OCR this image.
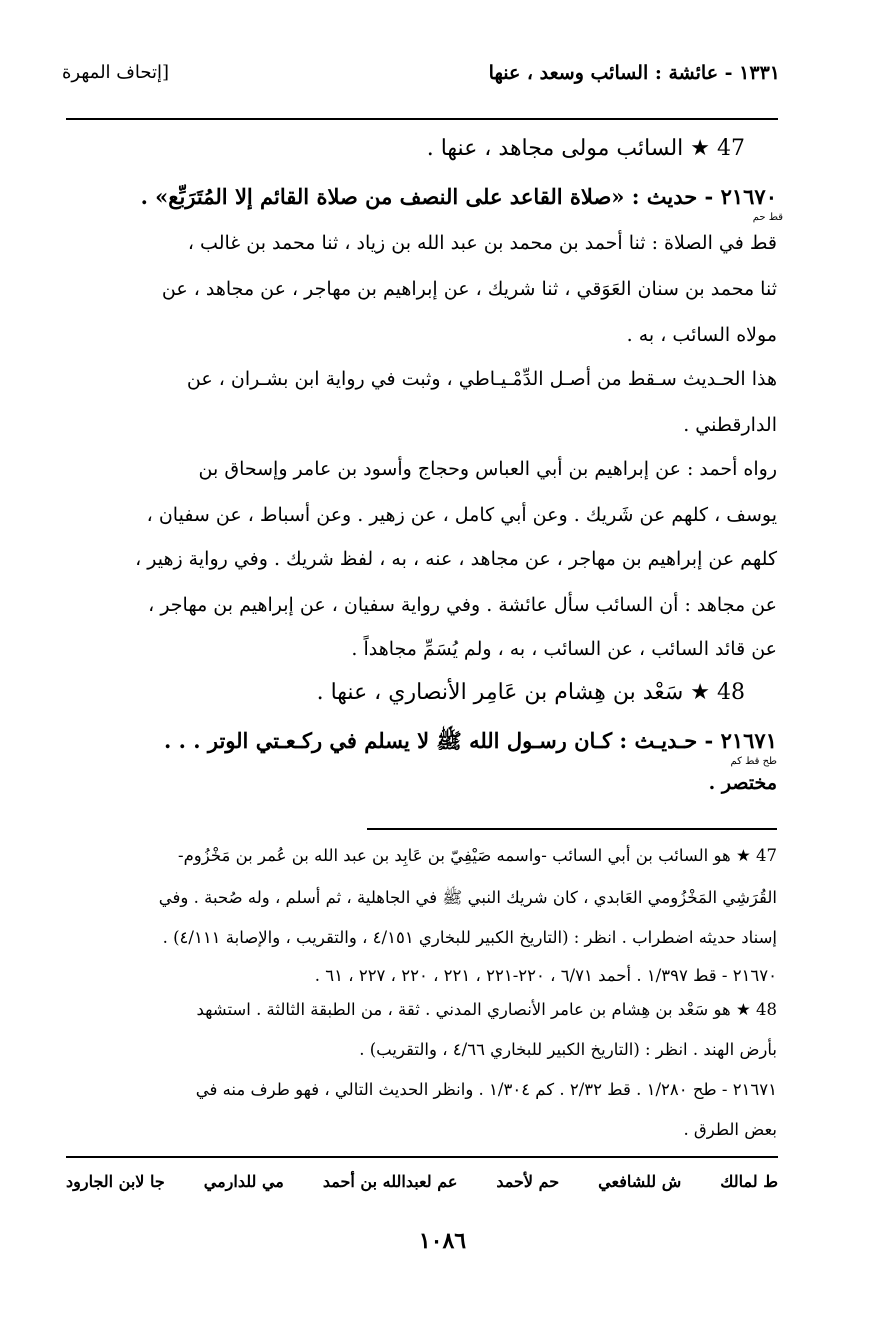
١٣٣١ - عائشة : السائب وسعد ، عنها
[إتحاف المهرة
47 ★ السائب مولى مجاهد ، عنها .
٢١٦٧٠ - حديث : «صلاة القاعد على النصف من صلاة القائم إلا المُتَرَبِّع» .
قط حم
قط في الصلاة : ثنا أحمد بن محمد بن عبد الله بن زياد ، ثنا محمد بن غالب ،
ثنا محمد بن سنان العَوَقي ، ثنا شريك ، عن إبراهيم بن مهاجر ، عن مجاهد ، عن
مولاه السائب ، به .
هذا الحـديث سـقط من أصـل الدِّمْـيـاطي ، وثبت في رواية ابن بشـران ، عن
الدارقطني .
رواه أحمد : عن إبراهيم بن أبي العباس وحجاج وأسود بن عامر وإسحاق بن
يوسف ، كلهم عن شَريك . وعن أبي كامل ، عن زهير . وعن أسباط ، عن سفيان ،
كلهم عن إبراهيم بن مهاجر ، عن مجاهد ، عنه ، به ، لفظ شريك . وفي رواية زهير ،
عن مجاهد : أن السائب سأل عائشة . وفي رواية سفيان ، عن إبراهيم بن مهاجر ،
عن قائد السائب ، عن السائب ، به ، ولم يُسَمِّ مجاهداً .
48 ★ سَعْد بن هِشام بن عَامِر الأنصاري ، عنها .
٢١٦٧١ - حـديـث : كـان رسـول الله ﷺ لا يسلم في ركـعـتي الوتر . . .
طح قط كم
مختصر .
47 ★ هو السائب بن أبي السائب -واسمه صَيْفِيّ بن عَابِد بن عبد الله بن عُمر بن مَخْزُوم-
القُرَشِي المَخْزُومي العَابدي ، كان شريك النبي ﷺ في الجاهلية ، ثم أسلم ، وله صُحبة . وفي
إسناد حديثه اضطراب . انظر : (التاريخ الكبير للبخاري ٤/١٥١ ، والتقريب ، والإصابة ٤/١١١) .
٢١٦٧٠ - قط ١/٣٩٧ . أحمد ٦/٧١ ، ٢٢٠-٢٢١ ، ٢٢١ ، ٢٢٠ ، ٢٢٧ ، ٦١ .
48 ★ هو سَعْد بن هِشام بن عامر الأنصاري المدني . ثقة ، من الطبقة الثالثة . استشهد
بأرض الهند . انظر : (التاريخ الكبير للبخاري ٤/٦٦ ، والتقريب) .
٢١٦٧١ - طح ١/٢٨٠ . قط ٢/٣٢ . كم ١/٣٠٤ . وانظر الحديث التالي ، فهو طرف منه في
بعض الطرق .
ط لمالك
ش للشافعي
حم لأحمد
عم لعبدالله بن أحمد
مي للدارمي
جا لابن الجارود
١٠٨٦
